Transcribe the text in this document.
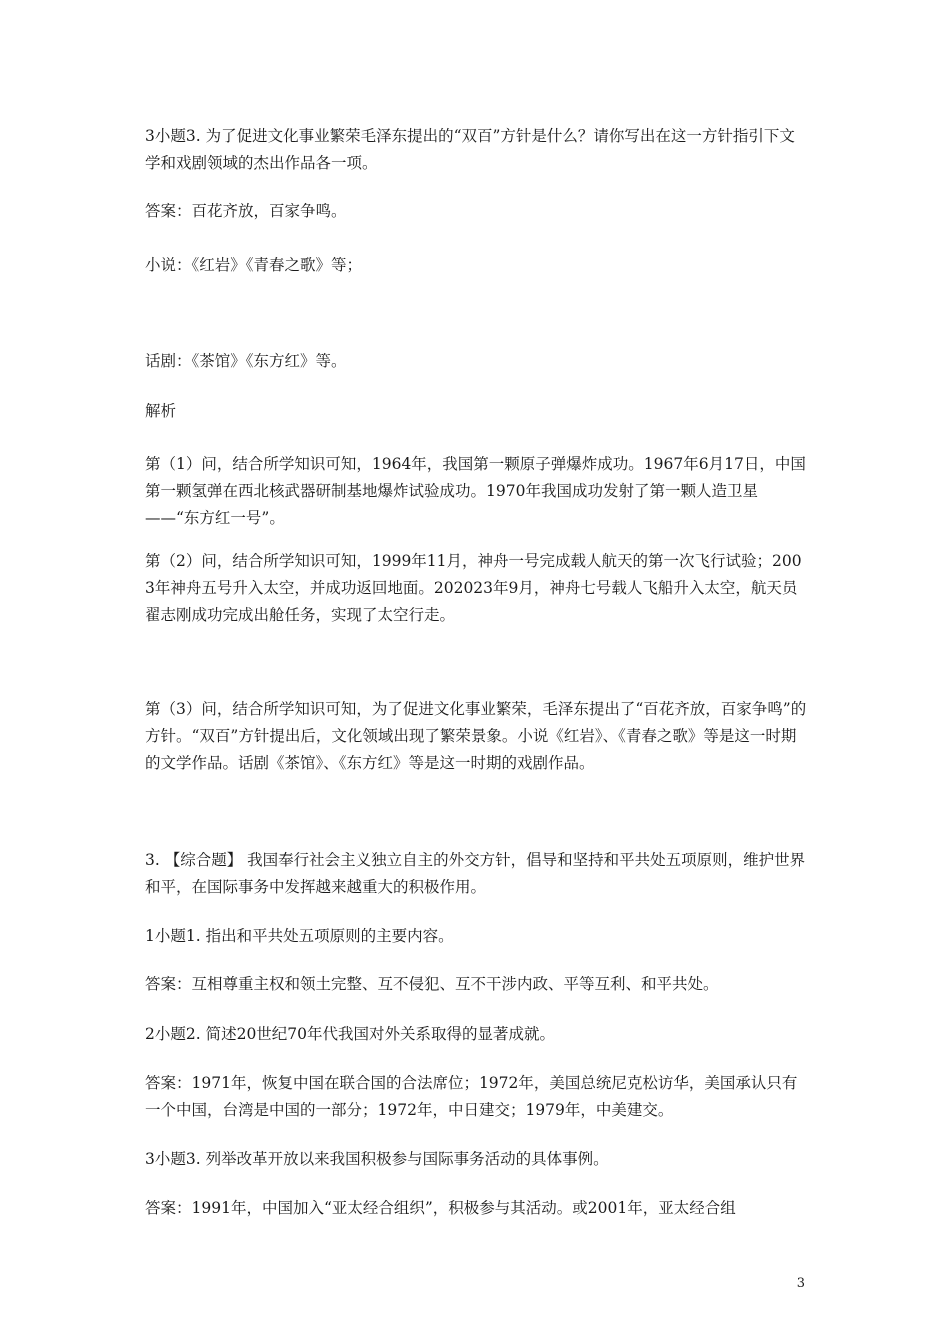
3小题3. 为了促进文化事业繁荣毛泽东提出的“双百”方针是什么？请你写出在这一方针指引下文学和戏剧领域的杰出作品各一项。

答案：百花齐放，百家争鸣。

小说：《红岩》《青春之歌》等；

话剧：《茶馆》《东方红》等。

解析

第（1）问，结合所学知识可知，1964年，我国第一颗原子弹爆炸成功。1967年6月17日，中国第一颗氢弹在西北核武器研制基地爆炸试验成功。1970年我国成功发射了第一颗人造卫星——“东方红一号”。

第（2）问，结合所学知识可知，1999年11月，神舟一号完成载人航天的第一次飞行试验；2003年神舟五号升入太空，并成功返回地面。202023年9月，神舟七号载人飞船升入太空，航天员翟志刚成功完成出舱任务，实现了太空行走。

第（3）问，结合所学知识可知，为了促进文化事业繁荣，毛泽东提出了“百花齐放，百家争鸣”的方针。“双百”方针提出后，文化领域出现了繁荣景象。小说《红岩》、《青春之歌》等是这一时期的文学作品。话剧《茶馆》、《东方红》等是这一时期的戏剧作品。

3. 【综合题】 我国奉行社会主义独立自主的外交方针，倡导和坚持和平共处五项原则，维护世界和平，在国际事务中发挥越来越重大的积极作用。

1小题1. 指出和平共处五项原则的主要内容。

答案：互相尊重主权和领土完整、互不侵犯、互不干涉内政、平等互利、和平共处。

2小题2. 简述20世纪70年代我国对外关系取得的显著成就。

答案：1971年，恢复中国在联合国的合法席位；1972年，美国总统尼克松访华，美国承认只有一个中国，台湾是中国的一部分；1972年，中日建交；1979年，中美建交。

3小题3. 列举改革开放以来我国积极参与国际事务活动的具体事例。

答案：1991年，中国加入“亚太经合组织”，积极参与其活动。或2001年，亚太经合组

3
